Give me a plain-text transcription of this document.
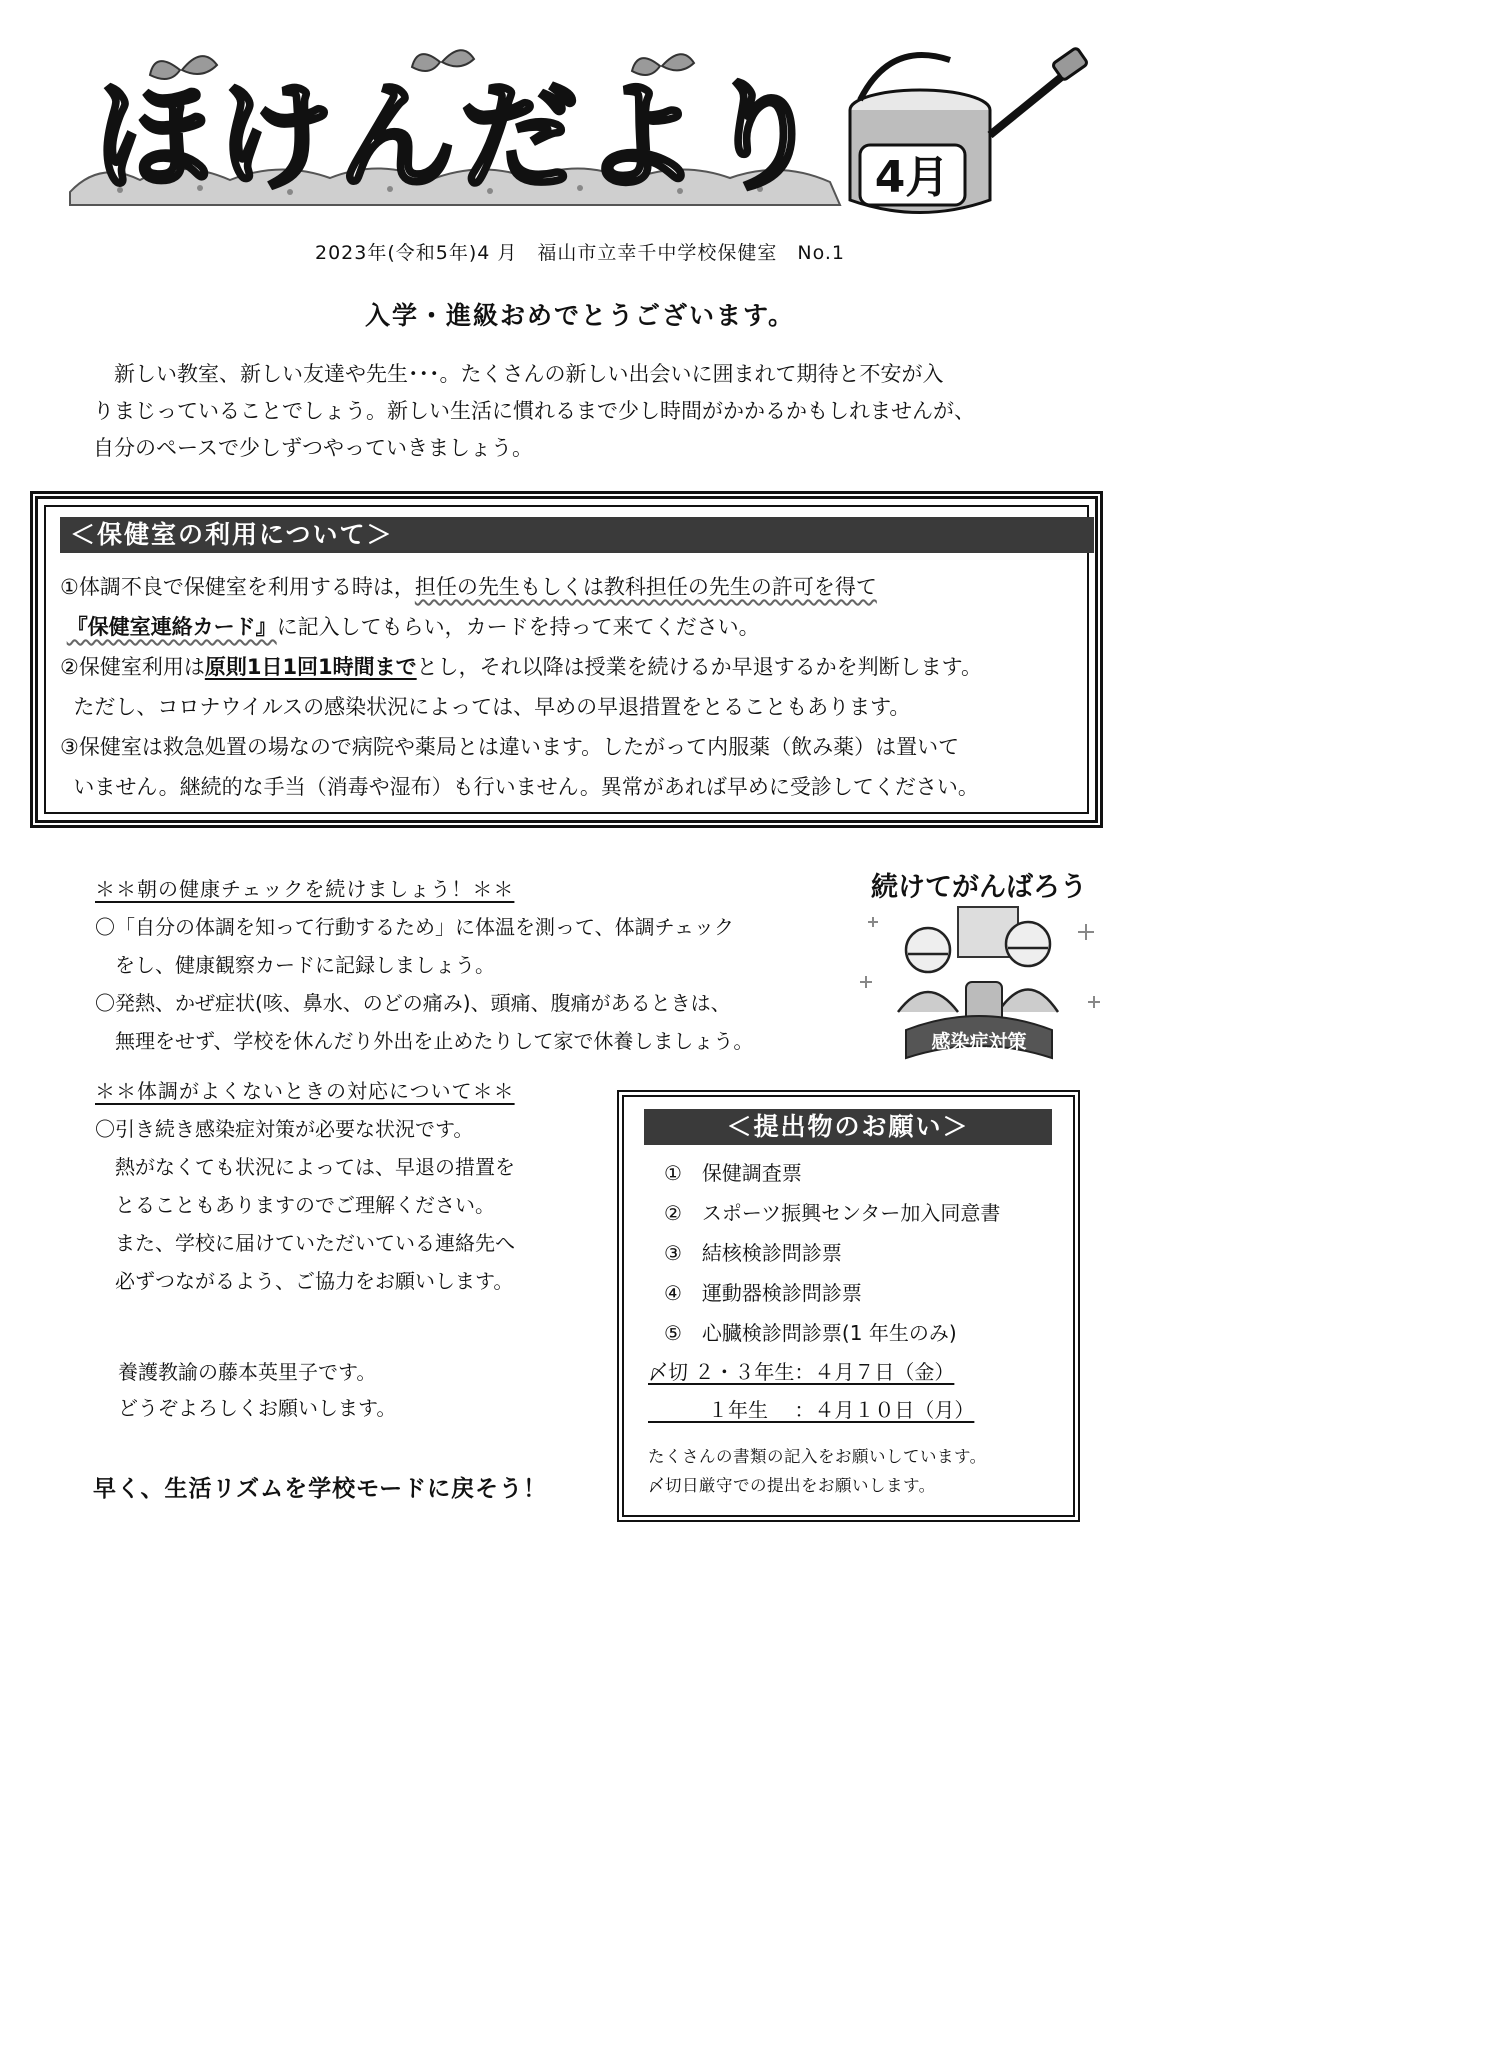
ほけんだより 4月
2023年(令和5年)4 月　福山市立幸千中学校保健室　No.1
入学・進級おめでとうございます。

　新しい教室、新しい友達や先生･･･。たくさんの新しい出会いに囲まれて期待と不安が入

りまじっていることでしょう。新しい生活に慣れるまで少し時間がかかるかもしれませんが、

自分のペースで少しずつやっていきましょう。

＜保健室の利用について＞

①体調不良で保健室を利用する時は，担任の先生もしくは教科担任の先生の許可を得て

『保健室連絡カード』に記入してもらい，カードを持って来てください。

②保健室利用は原則1日1回1時間までとし，それ以降は授業を続けるか早退するかを判断します。

ただし、コロナウイルスの感染状況によっては、早めの早退措置をとることもあります。

③保健室は救急処置の場なので病院や薬局とは違います。したがって内服薬（飲み薬）は置いて

いません。継続的な手当（消毒や湿布）も行いません。異常があれば早めに受診してください。

＊＊朝の健康チェックを続けましょう！＊＊

〇「自分の体調を知って行動するため」に体温を測って、体調チェック

　をし、健康観察カードに記録しましょう。

〇発熱、かぜ症状(咳、鼻水、のどの痛み)、頭痛、腹痛があるときは、

　無理をせず、学校を休んだり外出を止めたりして家で休養しましょう。

続けてがんばろう
感染症対策

＊＊体調がよくないときの対応について＊＊

〇引き続き感染症対策が必要な状況です。

　熱がなくても状況によっては、早退の措置を

　とることもありますのでご理解ください。

　また、学校に届けていただいている連絡先へ

　必ずつながるよう、ご協力をお願いします。

＜提出物のお願い＞

①　保健調査票

②　スポーツ振興センター加入同意書

③　結核検診問診票

④　運動器検診問診票

⑤　心臓検診問診票(1 年生のみ)

〆切 ２・３年生：４月７日（金）

　　　１年生　 ：４月１０日（月）

たくさんの書類の記入をお願いしています。

〆切日厳守での提出をお願いします。

養護教諭の藤本英里子です。

どうぞよろしくお願いします。

早く、生活リズムを学校モードに戻そう！
